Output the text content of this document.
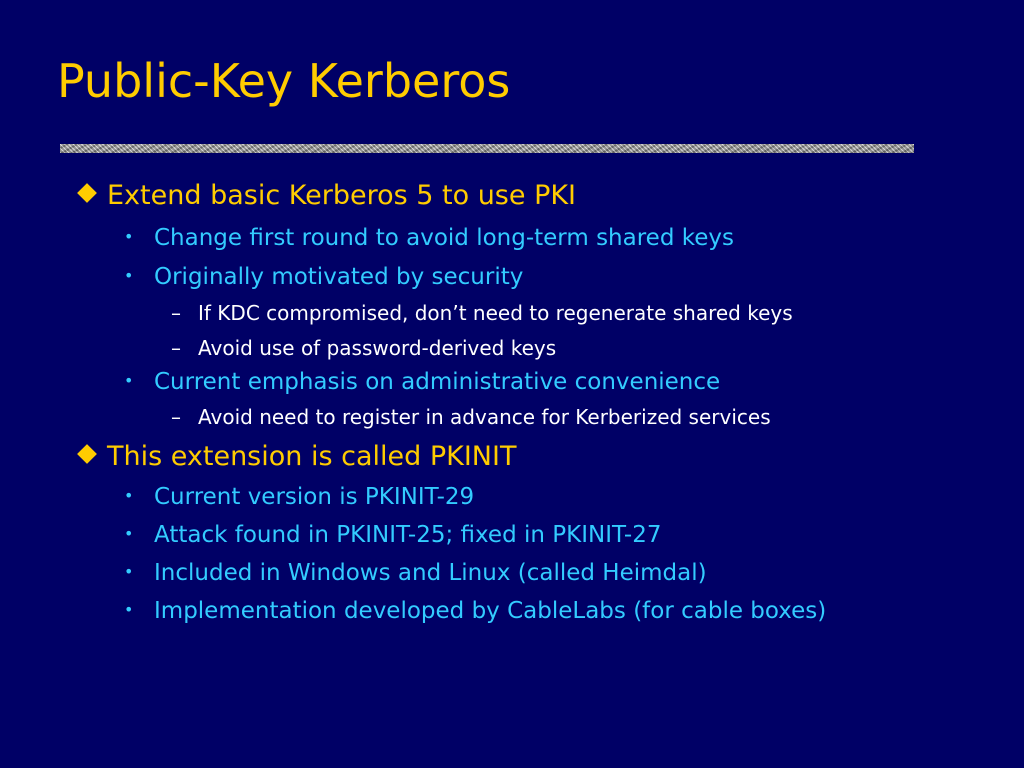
Public-Key Kerberos
Extend basic Kerberos 5 to use PKI
• Change first round to avoid long-term shared keys
• Originally motivated by security
– If KDC compromised, don’t need to regenerate shared keys
– Avoid use of password-derived keys
• Current emphasis on administrative convenience
– Avoid need to register in advance for Kerberized services
This extension is called PKINIT
• Current version is PKINIT-29
• Attack found in PKINIT-25; fixed in PKINIT-27
• Included in Windows and Linux (called Heimdal)
• Implementation developed by CableLabs (for cable boxes)
